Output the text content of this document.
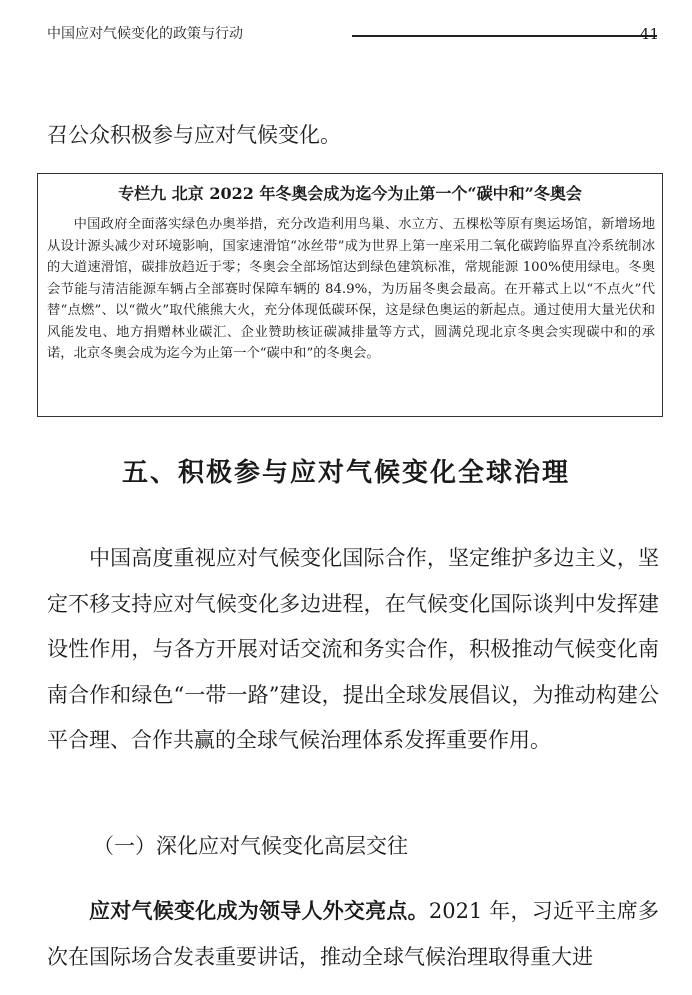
中国应对气候变化的政策与行动	41
召公众积极参与应对气候变化。
专栏九 北京 2022 年冬奥会成为迄今为止第一个“碳中和”冬奥会

中国政府全面落实绿色办奥举措，充分改造利用鸟巢、水立方、五棵松等原有奥运场馆，新增场地从设计源头减少对环境影响，国家速滑馆“冰丝带”成为世界上第一座采用二氧化碳跨临界直冷系统制冰的大道速滑馆，碳排放趋近于零；冬奥会全部场馆达到绿色建筑标准，常规能源 100%使用绿电。冬奥会节能与清洁能源车辆占全部赛时保障车辆的 84.9%，为历届冬奥会最高。在开幕式上以“不点火”代替“点燃”、以“微火”取代熊熊大火，充分体现低碳环保，这是绿色奥运的新起点。通过使用大量光伏和风能发电、地方捐赠林业碳汇、企业赞助核证碳减排量等方式，圆满兑现北京冬奥会实现碳中和的承诺，北京冬奥会成为迄今为止第一个“碳中和”的冬奥会。

五、积极参与应对气候变化全球治理

中国高度重视应对气候变化国际合作，坚定维护多边主义，坚定不移支持应对气候变化多边进程，在气候变化国际谈判中发挥建设性作用，与各方开展对话交流和务实合作，积极推动气候变化南南合作和绿色“一带一路”建设，提出全球发展倡议，为推动构建公平合理、合作共赢的全球气候治理体系发挥重要作用。

（一）深化应对气候变化高层交往

应对气候变化成为领导人外交亮点。2021 年，习近平主席多次在国际场合发表重要讲话，推动全球气候治理取得重大进
